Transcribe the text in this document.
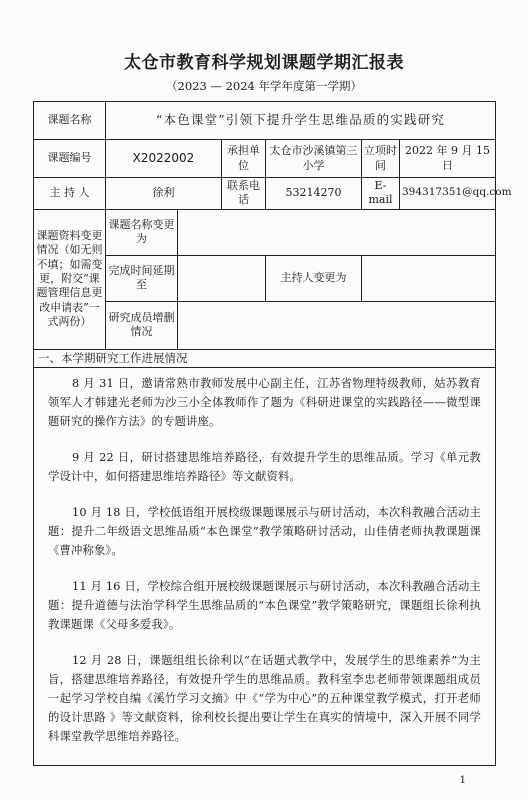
太仓市教育科学规划课题学期汇报表
（2023 — 2024 年学年度第一学期）
课题名称	“本色课堂”引领下提升学生思维品质的实践研究					
课题编号	X2022002		承担单位	太仓市沙溪镇第三小学	立项时间	2022 年 9 月 15 日
主 持 人	徐利		联系电话	53214270	E-mail	394317351@qq.com
课题资料变更情况（如无则不填；如需变更，附交“课题管理信息更改申请表”一式两份）	课题名称变更为					
	完成时间延期至			主持人变更为		
	研究成员增删情况					
一、本学期研究工作进展情况						

8 月 31 日，邀请常熟市教师发展中心副主任，江苏省物理特级教师，姑苏教育领军人才韩建光老师为沙三小全体教师作了题为《科研进课堂的实践路径——微型课题研究的操作方法》的专题讲座。

9 月 22 日，研讨搭建思维培养路径，有效提升学生的思维品质。学习《单元教学设计中，如何搭建思维培养路径》等文献资料。

10 月 18 日，学校低语组开展校级课题课展示与研讨活动，本次科教融合活动主题：提升二年级语文思维品质“本色课堂”教学策略研讨活动，山佳倩老师执教课题课《曹冲称象》。

11 月 16 日，学校综合组开展校级课题课展示与研讨活动，本次科教融合活动主题：提升道德与法治学科学生思维品质的“本色课堂”教学策略研究，课题组长徐利执教课题课《父母多爱我》。

12 月 28 日，课题组组长徐利以“在话题式教学中，发展学生的思维素养”为主旨，搭建思维培养路径，有效提升学生的思维品质。教科室李忠老师带领课题组成员一起学习学校自编《溪竹学习文摘》中《“学为中心”的五种课堂教学模式，打开老师的设计思路 》等文献资料，徐利校长提出要让学生在真实的情境中，深入开展不同学科课堂教学思维培养路径。						

1
